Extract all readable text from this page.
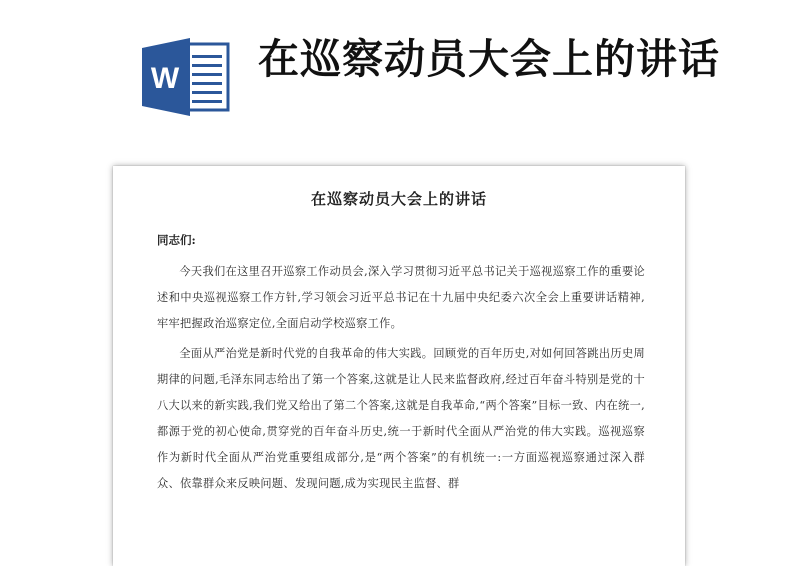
W 在巡察动员大会上的讲话
在巡察动员大会上的讲话
同志们:

今天我们在这里召开巡察工作动员会,深入学习贯彻习近平总书记关于巡视巡察工作的重要论述和中央巡视巡察工作方针,学习领会习近平总书记在十九届中央纪委六次全会上重要讲话精神,牢牢把握政治巡察定位,全面启动学校巡察工作。

全面从严治党是新时代党的自我革命的伟大实践。回顾党的百年历史,对如何回答跳出历史周期律的问题,毛泽东同志给出了第一个答案,这就是让人民来监督政府,经过百年奋斗特别是党的十八大以来的新实践,我们党又给出了第二个答案,这就是自我革命,“两个答案”目标一致、内在统一,都源于党的初心使命,贯穿党的百年奋斗历史,统一于新时代全面从严治党的伟大实践。巡视巡察作为新时代全面从严治党重要组成部分,是“两个答案”的有机统一:一方面巡视巡察通过深入群众、依靠群众来反映问题、发现问题,成为实现民主监督、群
